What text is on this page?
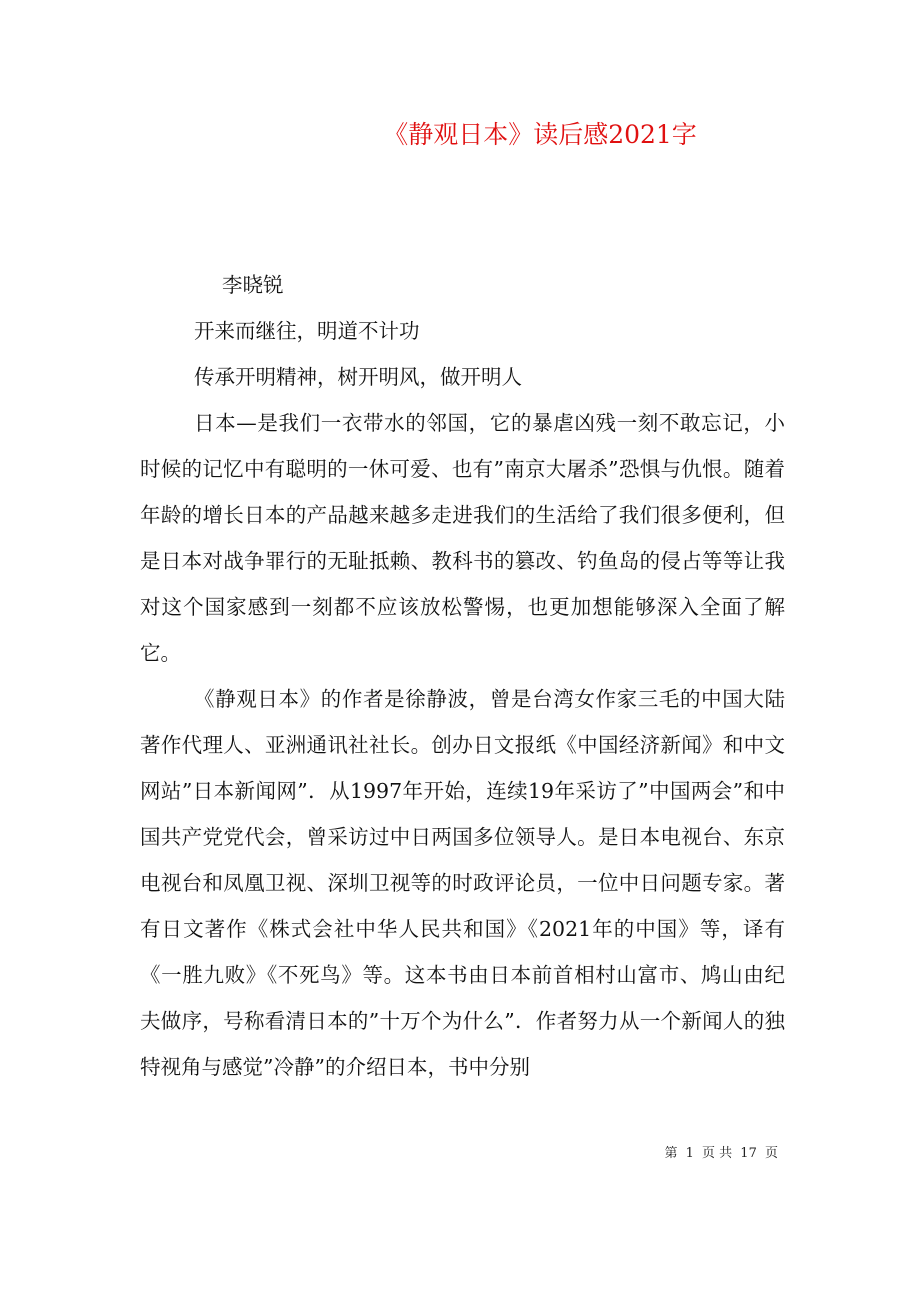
《静观日本》读后感2021字
李晓锐
开来而继往，明道不计功
传承开明精神，树开明风，做开明人

日本—是我们一衣带水的邻国，它的暴虐凶残一刻不敢忘记，小时候的记忆中有聪明的一休可爱、也有”南京大屠杀”恐惧与仇恨。随着年龄的增长日本的产品越来越多走进我们的生活给了我们很多便利，但是日本对战争罪行的无耻抵赖、教科书的篡改、钓鱼岛的侵占等等让我对这个国家感到一刻都不应该放松警惕，也更加想能够深入全面了解它。

《静观日本》的作者是徐静波，曾是台湾女作家三毛的中国大陆著作代理人、亚洲通讯社社长。创办日文报纸《中国经济新闻》和中文网站”日本新闻网”．从1997年开始，连续19年采访了”中国两会”和中国共产党党代会，曾采访过中日两国多位领导人。是日本电视台、东京电视台和凤凰卫视、深圳卫视等的时政评论员，一位中日问题专家。著有日文著作《株式会社中华人民共和国》《2021年的中国》等，译有《一胜九败》《不死鸟》等。这本书由日本前首相村山富市、鸠山由纪夫做序，号称看清日本的”十万个为什么”．作者努力从一个新闻人的独特视角与感觉”冷静”的介绍日本，书中分别

第 1 页 共 17 页
